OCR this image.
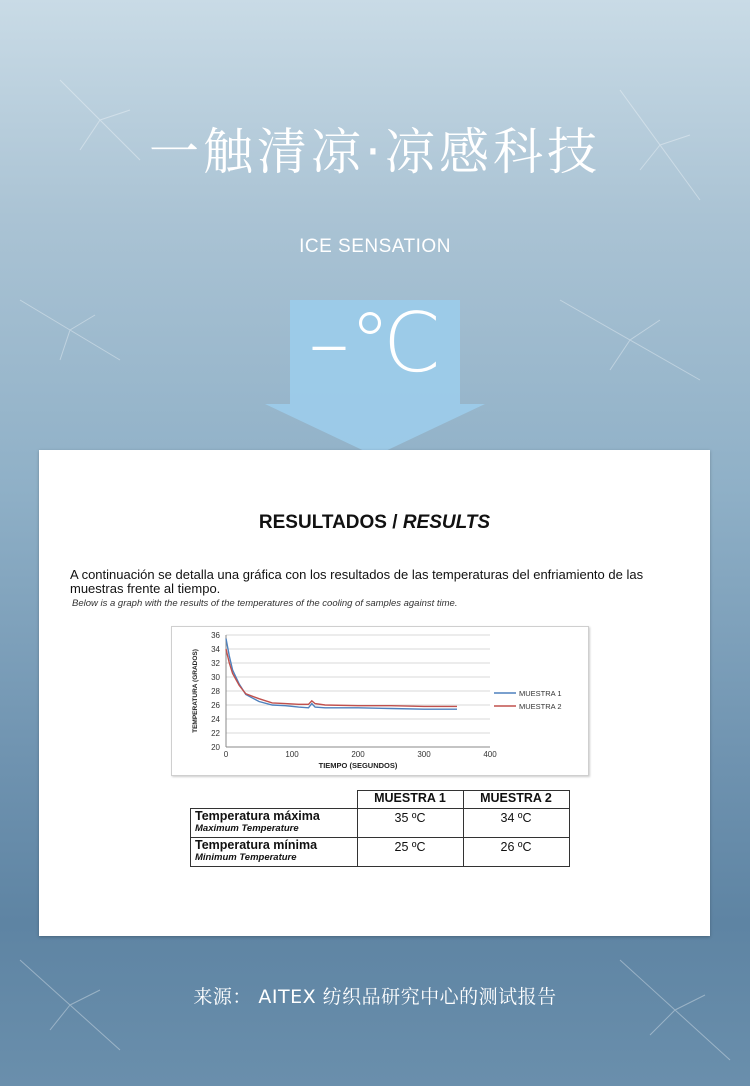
一触清凉·凉感科技
ICE SENSATION
–℃
RESULTADOS / RESULTS
A continuación se detalla una gráfica con los resultados de las temperaturas del enfriamiento de las muestras frente al tiempo.
Below is a graph with the results of the temperatures of the cooling of samples against time.
20
22
24
26
28
30
32
34
36
0	100	200	300	400
TIEMPO (SEGUNDOS)
TEMPERATURA (GRADOS)	MUESTRA 1
MUESTRA 2
	MUESTRA 1	MUESTRA 2

Temperatura máxima
Maximum Temperature	35 ºC	34 ºC

Temperatura mínima
Minimum Temperature	25 ºC	26 ºC
来源： AITEX 纺织品研究中心的测试报告
